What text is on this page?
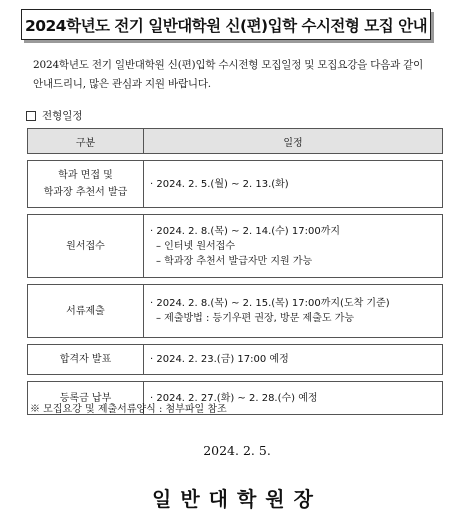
2024학년도 전기 일반대학원 신(편)입학 수시전형 모집 안내
2024학년도 전기 일반대학원 신(편)입학 수시전형 모집일정 및 모집요강을 다음과 같이
안내드리니, 많은 관심과 지원 바랍니다.
전형일정
구분	일정

학과 면접 및
학과장 추천서 발급	· 2024. 2. 5.(월) ~ 2. 13.(화)

원서접수	· 2024. 2. 8.(목) ~ 2. 14.(수) 17:00까지
– 인터넷 원서접수
– 학과장 추천서 발급자만 지원 가능

서류제출	· 2024. 2. 8.(목) ~ 2. 15.(목) 17:00까지(도착 기준)
– 제출방법 : 등기우편 권장, 방문 제출도 가능

합격자 발표	· 2024. 2. 23.(금) 17:00 예정

등록금 납부	· 2024. 2. 27.(화) ~ 2. 28.(수) 예정
※ 모집요강 및 제출서류양식 : 첨부파일 참조
2024. 2. 5.
일반대학원장
